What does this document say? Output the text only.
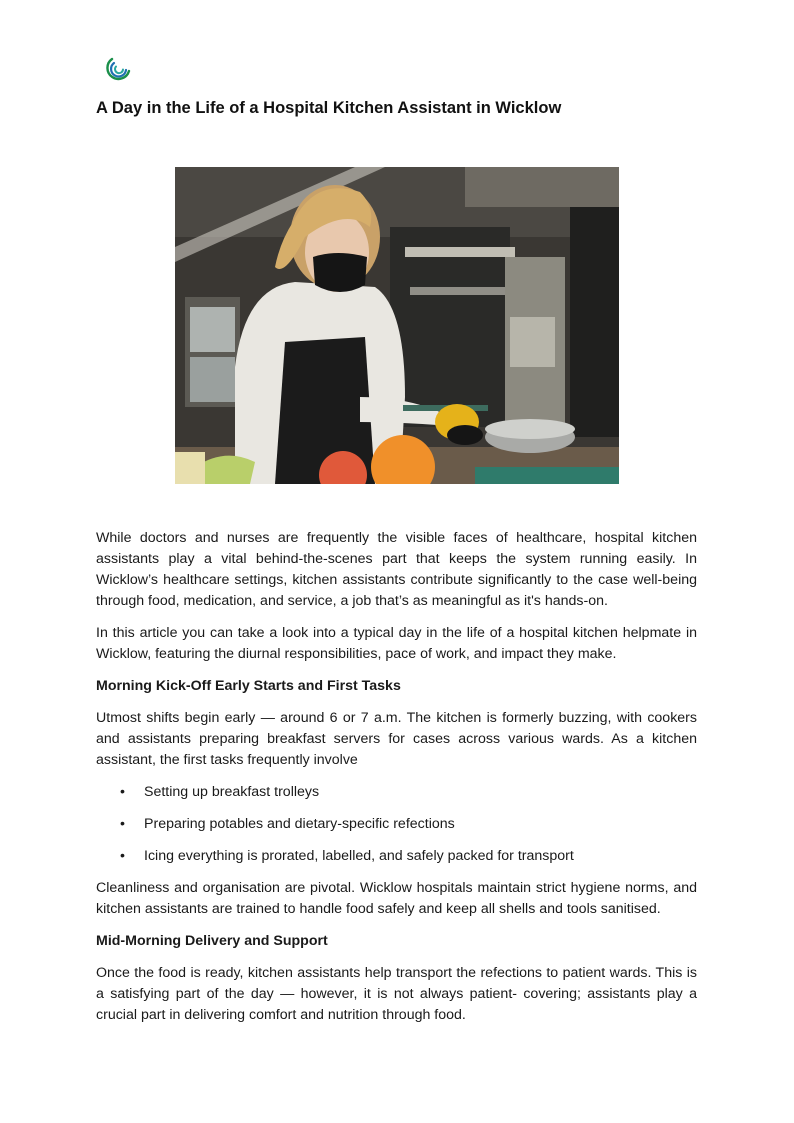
A Day in the Life of a Hospital Kitchen Assistant in Wicklow

While doctors and nurses are frequently the visible faces of healthcare, hospital kitchen assistants play a vital behind-the-scenes part that keeps the system running easily. In Wicklow’s healthcare settings, kitchen assistants contribute significantly to the case well-being through food, medication, and service, a job that’s as meaningful as it's hands-on.

In this article you can take a look into a typical day in the life of a hospital kitchen helpmate in Wicklow, featuring the diurnal responsibilities, pace of work, and impact they make.

Morning Kick-Off Early Starts and First Tasks

Utmost shifts begin early — around 6 or 7 a.m. The kitchen is formerly buzzing, with cookers and assistants preparing breakfast servers for cases across various wards. As a kitchen assistant, the first tasks frequently involve

• Setting up breakfast trolleys
• Preparing potables and dietary-specific refections
• Icing everything is prorated, labelled, and safely packed for transport

Cleanliness and organisation are pivotal. Wicklow hospitals maintain strict hygiene norms, and kitchen assistants are trained to handle food safely and keep all shells and tools sanitised.

Mid-Morning Delivery and Support

Once the food is ready, kitchen assistants help transport the refections to patient wards. This is a satisfying part of the day — however, it is not always patient- covering; assistants play a crucial part in delivering comfort and nutrition through food.
